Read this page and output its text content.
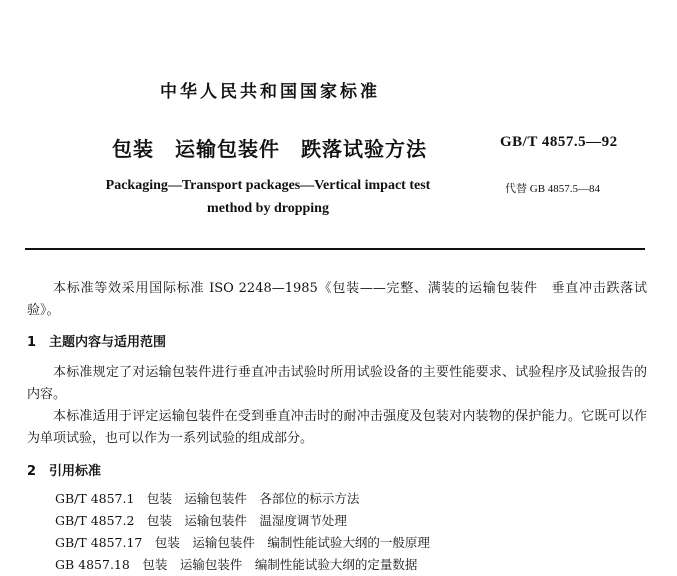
中华人民共和国国家标准
包装　运输包装件　跌落试验方法	GB/T 4857.5—92
Packaging—Transport packages—Vertical impact test
method by dropping
代替 GB 4857.5—84
本标准等效采用国际标准 ISO 2248—1985《包装——完整、满装的运输包装件　垂直冲击跌落试验》。
1 主题内容与适用范围
本标准规定了对运输包装件进行垂直冲击试验时所用试验设备的主要性能要求、试验程序及试验报告的内容。
本标准适用于评定运输包装件在受到垂直冲击时的耐冲击强度及包装对内装物的保护能力。它既可以作为单项试验，也可以作为一系列试验的组成部分。
2 引用标准
GB/T 4857.1　包装　运输包装件　各部位的标示方法
GB/T 4857.2　包装　运输包装件　温湿度调节处理
GB/T 4857.17　包装　运输包装件　编制性能试验大纲的一般原理
GB 4857.18　包装　运输包装件　编制性能试验大纲的定量数据
